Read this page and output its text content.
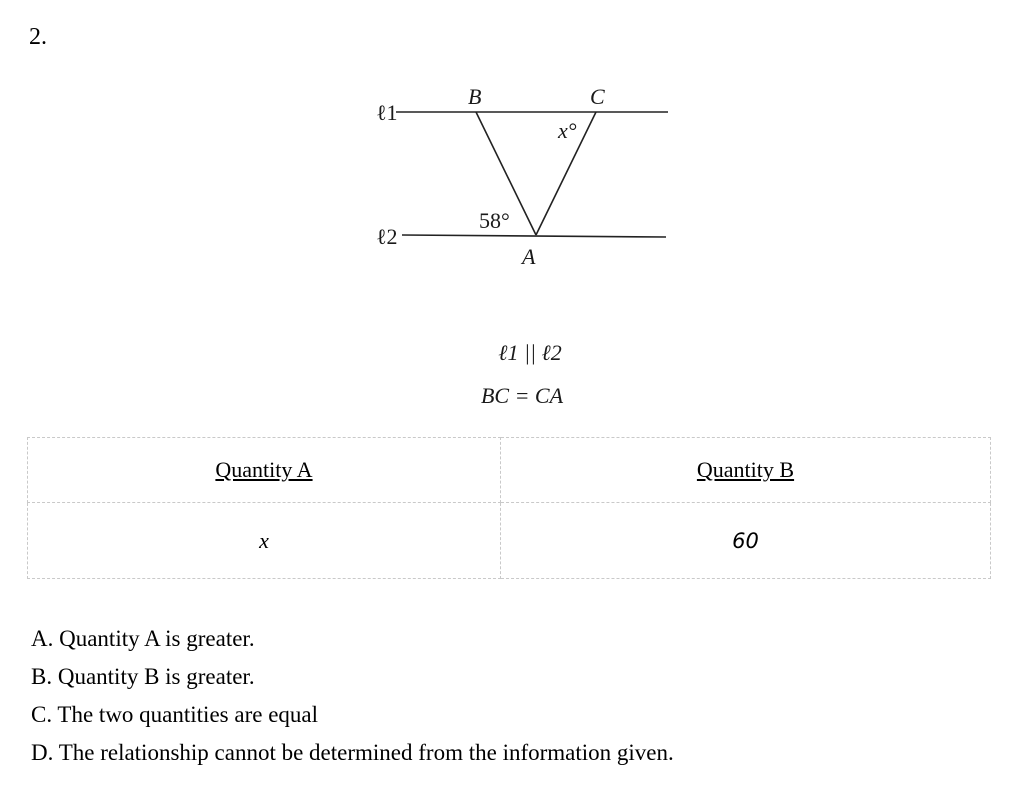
2.
ℓ1
ℓ2
B	C
x°
58°
A
ℓ1 || ℓ2
BC = CA
Quantity A	Quantity B
x	60
A. Quantity A is greater.
B. Quantity B is greater.
C. The two quantities are equal
D. The relationship cannot be determined from the information given.
